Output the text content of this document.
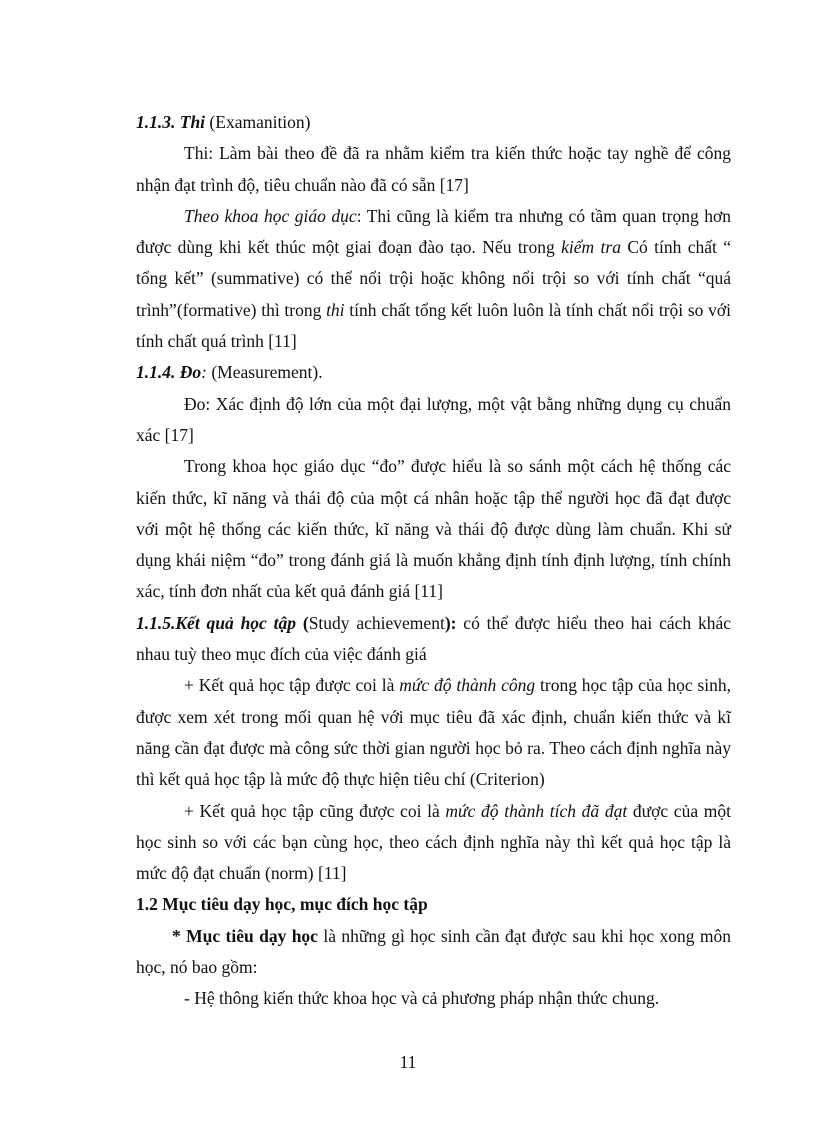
1.1.3. Thi (Examanition)

Thi: Làm bài theo đề đã ra nhằm kiểm tra kiến thức hoặc tay nghề để công nhận đạt trình độ, tiêu chuẩn nào đã có sẵn [17]

Theo khoa học giáo dục: Thi cũng là kiểm tra nhưng có tầm quan trọng hơn được dùng khi kết thúc một giai đoạn đào tạo. Nếu trong kiểm tra Có tính chất “ tổng kết” (summative) có thể nổi trội hoặc không nổi trội so với tính chất “quá trình”(formative) thì trong thi tính chất tổng kết luôn luôn là tính chất nổi trội so với tính chất quá trình [11]

1.1.4. Đo: (Measurement).

Đo: Xác định độ lớn của một đại lượng, một vật bằng những dụng cụ chuẩn xác [17]

Trong khoa học giáo dục “đo” được hiểu là so sánh một cách hệ thống các kiến thức, kĩ năng và thái độ của một cá nhân hoặc tập thể người học đã đạt được với một hệ thống các kiến thức, kĩ năng và thái độ được dùng làm chuẩn. Khi sử dụng khái niệm “đo” trong đánh giá là muốn khẳng định tính định lượng, tính chính xác, tính đơn nhất của kết quả đánh giá [11]

1.1.5.Kết quả học tập (Study achievement): có thể được hiểu theo hai cách khác nhau tuỳ theo mục đích của việc đánh giá

+ Kết quả học tập được coi là mức độ thành công trong học tập của học sinh, được xem xét trong mối quan hệ với mục tiêu đã xác định, chuẩn kiến thức và kĩ năng cần đạt được mà công sức thời gian người học bỏ ra. Theo cách định nghĩa này thì kết quả học tập là mức độ thực hiện tiêu chí (Criterion)

+ Kết quả học tập cũng được coi là mức độ thành tích đã đạt được của một học sinh so với các bạn cùng học, theo cách định nghĩa này thì kết quả học tập là mức độ đạt chuẩn (norm) [11]

1.2 Mục tiêu dạy học, mục đích học tập

* Mục tiêu dạy học là những gì học sinh cần đạt được sau khi học xong môn học, nó bao gồm:

- Hệ thông kiến thức khoa học và cả phương pháp nhận thức chung.

11
